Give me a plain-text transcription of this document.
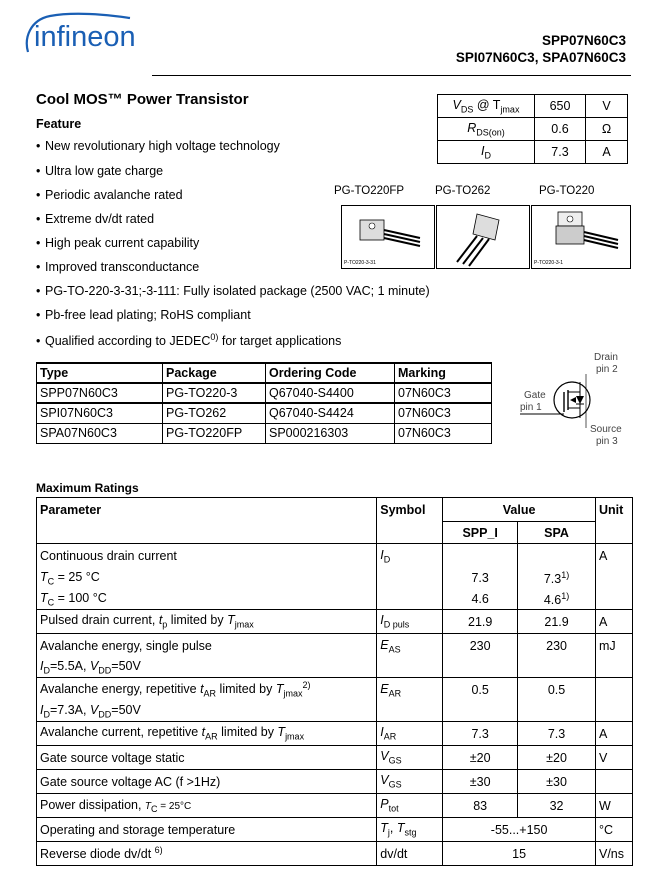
infineon	SPP07N60C3
SPI07N60C3, SPA07N60C3
Cool MOS™ Power Transistor
Feature
• New revolutionary high voltage technology
• Ultra low gate charge
• Periodic avalanche rated
• Extreme dv/dt rated
• High peak current capability
• Improved transconductance
• PG-TO-220-3-31;-3-111: Fully isolated package (2500 VAC; 1 minute)
• Pb-free lead plating; RoHS compliant
• Qualified according to JEDEC$^{0)}$ for target applications
$V_{DS}$ @ $T_{jmax}$	650	V
$R_{DS(on)}$	0.6	Ω
$I_D$	7.3	A
PG-TO220FP	PG-TO262	PG-TO220
P-TO220-3-31	P-TO220-3-1
Type	Package	Ordering Code	Marking
SPP07N60C3	PG-TO220-3	Q67040-S4400	07N60C3
SPI07N60C3	PG-TO262	Q67040-S4424	07N60C3
SPA07N60C3	PG-TO220FP	SP000216303	07N60C3
Drain
pin 2
Gate
pin 1
Source
pin 3
Maximum Ratings
Parameter	Symbol	Value		Unit
		SPP_I	SPA	
Continuous drain current	$I_D$			A
$T_C = 25$ °C		7.3	7.3$^{1)}$	
$T_C = 100$ °C		4.6	4.6$^{1)}$	
Pulsed drain current, $t_p$ limited by $T_{jmax}$	$I_{D puls}$	21.9	21.9	A
Avalanche energy, single pulse	$E_{AS}$	230	230	mJ
$I_D=5.5A$, $V_{DD}=50V$				
Avalanche energy, repetitive $t_{AR}$ limited by $T_{jmax}^{2)}$	$E_{AR}$	0.5	0.5	
$I_D=7.3A$, $V_{DD}=50V$				
Avalanche current, repetitive $t_{AR}$ limited by $T_{jmax}$	$I_{AR}$	7.3	7.3	A
Gate source voltage static	$V_{GS}$	±20	±20	V
Gate source voltage AC (f >1Hz)	$V_{GS}$	±30	±30	
Power dissipation, $T_C = 25^\circ C$	$P_{tot}$	83	32	W
Operating and storage temperature	$T_j$, $T_{stg}$	-55...+150		°C
Reverse diode dv/dt $^{6)}$	dv/dt	15		V/ns
